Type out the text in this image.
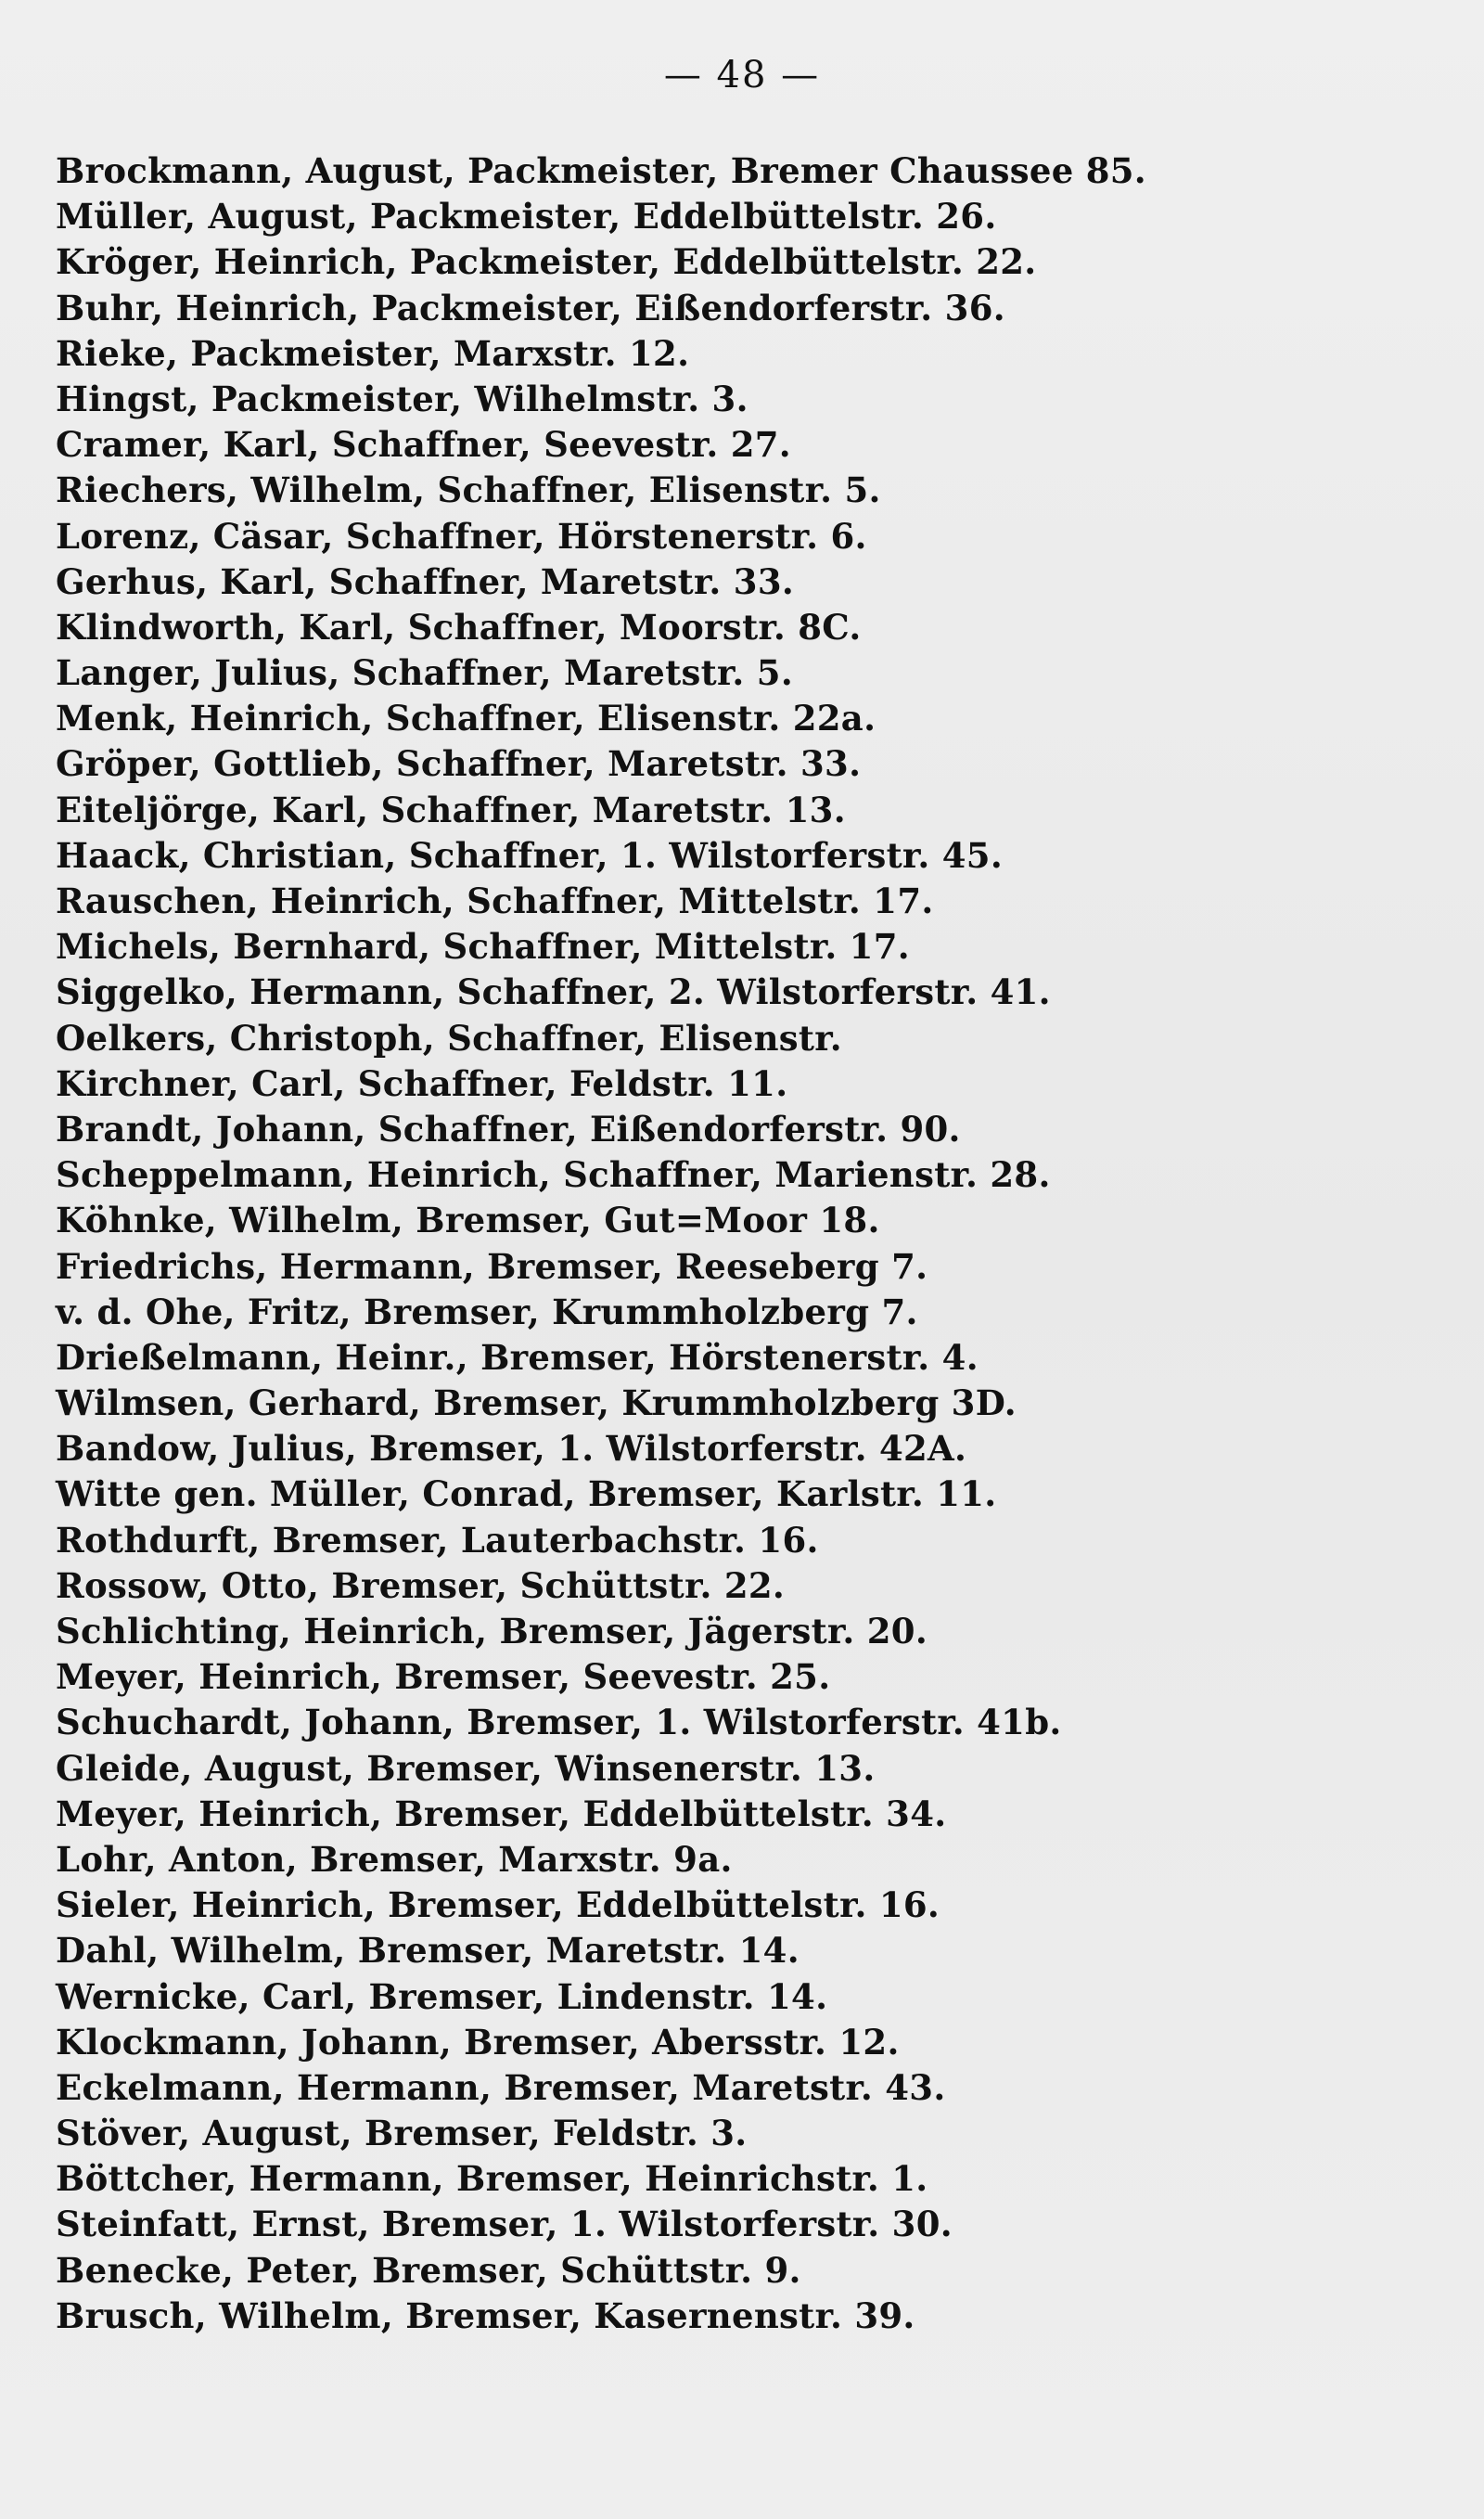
— 48 —
Brockmann, August, Packmeister, Bremer Chaussee 85.
Müller, August, Packmeister, Eddelbüttelstr. 26.
Kröger, Heinrich, Packmeister, Eddelbüttelstr. 22.
Buhr, Heinrich, Packmeister, Eißendorferstr. 36.
Rieke, Packmeister, Marxstr. 12.
Hingst, Packmeister, Wilhelmstr. 3.
Cramer, Karl, Schaffner, Seevestr. 27.
Riechers, Wilhelm, Schaffner, Elisenstr. 5.
Lorenz, Cäsar, Schaffner, Hörstenerstr. 6.
Gerhus, Karl, Schaffner, Maretstr. 33.
Klindworth, Karl, Schaffner, Moorstr. 8C.
Langer, Julius, Schaffner, Maretstr. 5.
Menk, Heinrich, Schaffner, Elisenstr. 22a.
Gröper, Gottlieb, Schaffner, Maretstr. 33.
Eiteljörge, Karl, Schaffner, Maretstr. 13.
Haack, Christian, Schaffner, 1. Wilstorferstr. 45.
Rauschen, Heinrich, Schaffner, Mittelstr. 17.
Michels, Bernhard, Schaffner, Mittelstr. 17.
Siggelko, Hermann, Schaffner, 2. Wilstorferstr. 41.
Oelkers, Christoph, Schaffner, Elisenstr.
Kirchner, Carl, Schaffner, Feldstr. 11.
Brandt, Johann, Schaffner, Eißendorferstr. 90.
Scheppelmann, Heinrich, Schaffner, Marienstr. 28.
Köhnke, Wilhelm, Bremser, Gut=Moor 18.
Friedrichs, Hermann, Bremser, Reeseberg 7.
v. d. Ohe, Fritz, Bremser, Krummholzberg 7.
Drießelmann, Heinr., Bremser, Hörstenerstr. 4.
Wilmsen, Gerhard, Bremser, Krummholzberg 3D.
Bandow, Julius, Bremser, 1. Wilstorferstr. 42A.
Witte gen. Müller, Conrad, Bremser, Karlstr. 11.
Rothdurft, Bremser, Lauterbachstr. 16.
Rossow, Otto, Bremser, Schüttstr. 22.
Schlichting, Heinrich, Bremser, Jägerstr. 20.
Meyer, Heinrich, Bremser, Seevestr. 25.
Schuchardt, Johann, Bremser, 1. Wilstorferstr. 41b.
Gleide, August, Bremser, Winsenerstr. 13.
Meyer, Heinrich, Bremser, Eddelbüttelstr. 34.
Lohr, Anton, Bremser, Marxstr. 9a.
Sieler, Heinrich, Bremser, Eddelbüttelstr. 16.
Dahl, Wilhelm, Bremser, Maretstr. 14.
Wernicke, Carl, Bremser, Lindenstr. 14.
Klockmann, Johann, Bremser, Abersstr. 12.
Eckelmann, Hermann, Bremser, Maretstr. 43.
Stöver, August, Bremser, Feldstr. 3.
Böttcher, Hermann, Bremser, Heinrichstr. 1.
Steinfatt, Ernst, Bremser, 1. Wilstorferstr. 30.
Benecke, Peter, Bremser, Schüttstr. 9.
Brusch, Wilhelm, Bremser, Kasernenstr. 39.
